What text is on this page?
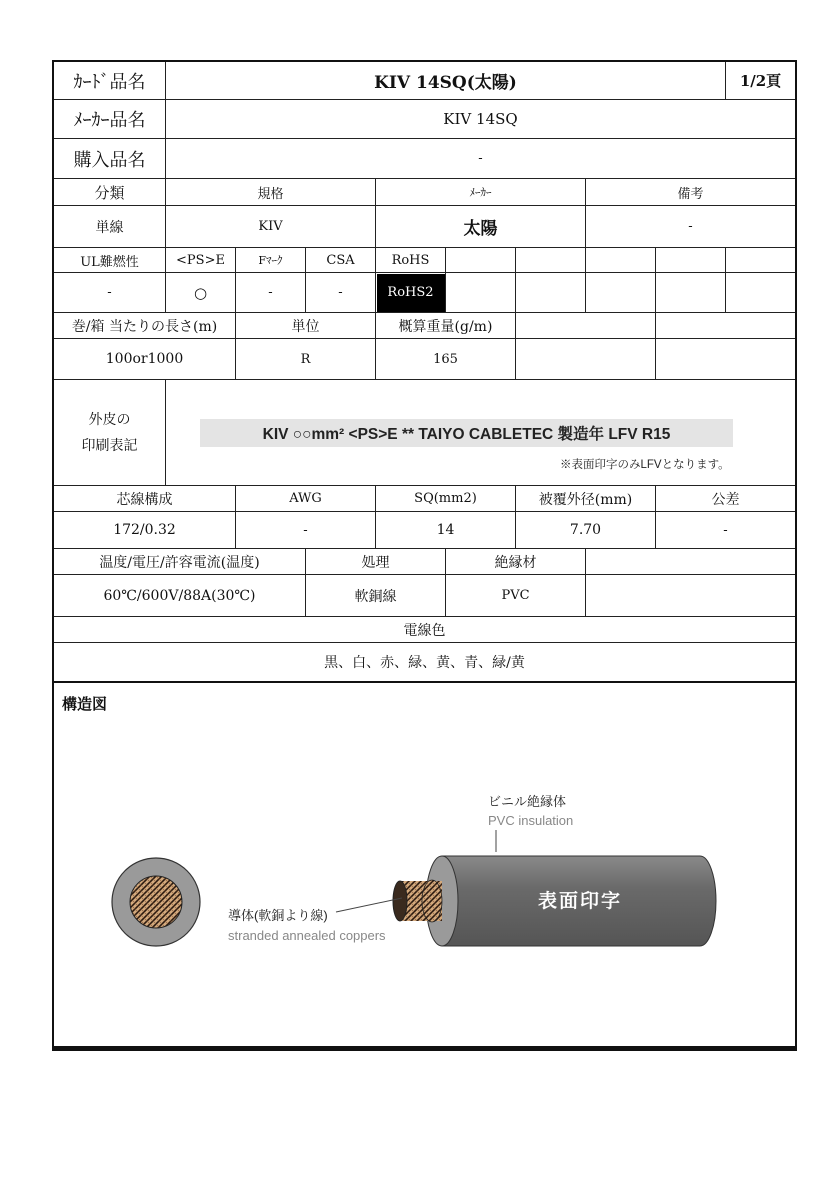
ｶｰﾄﾞ品名	KIV 14SQ(太陽)	1/2頁
ﾒｰｶｰ品名	KIV 14SQ
購入品名	-
分類	規格	ﾒｰｶｰ	備考
単線	KIV	太陽	-
UL難燃性	<PS>E	Fﾏｰｸ	CSA	RoHS
-	○	-	-	RoHS2
巻/箱 当たりの長さ(m)	単位	概算重量(g/m)
100or1000	R	165
外皮の
印刷表記
KIV ○○mm² <PS>E ** TAIYO CABLETEC 製造年 LFV R15
※表面印字のみLFVとなります。
芯線構成	AWG	SQ(mm2)	被覆外径(mm)	公差
172/0.32	-	14	7.70	-
温度/電圧/許容電流(温度)	処理	絶縁材
60℃/600V/88A(30℃)	軟銅線	PVC
電線色
黒、白、赤、緑、黄、青、緑/黄
構造図
ビニル絶縁体
PVC insulation
表面印字
導体(軟銅より線)
stranded annealed coppers
